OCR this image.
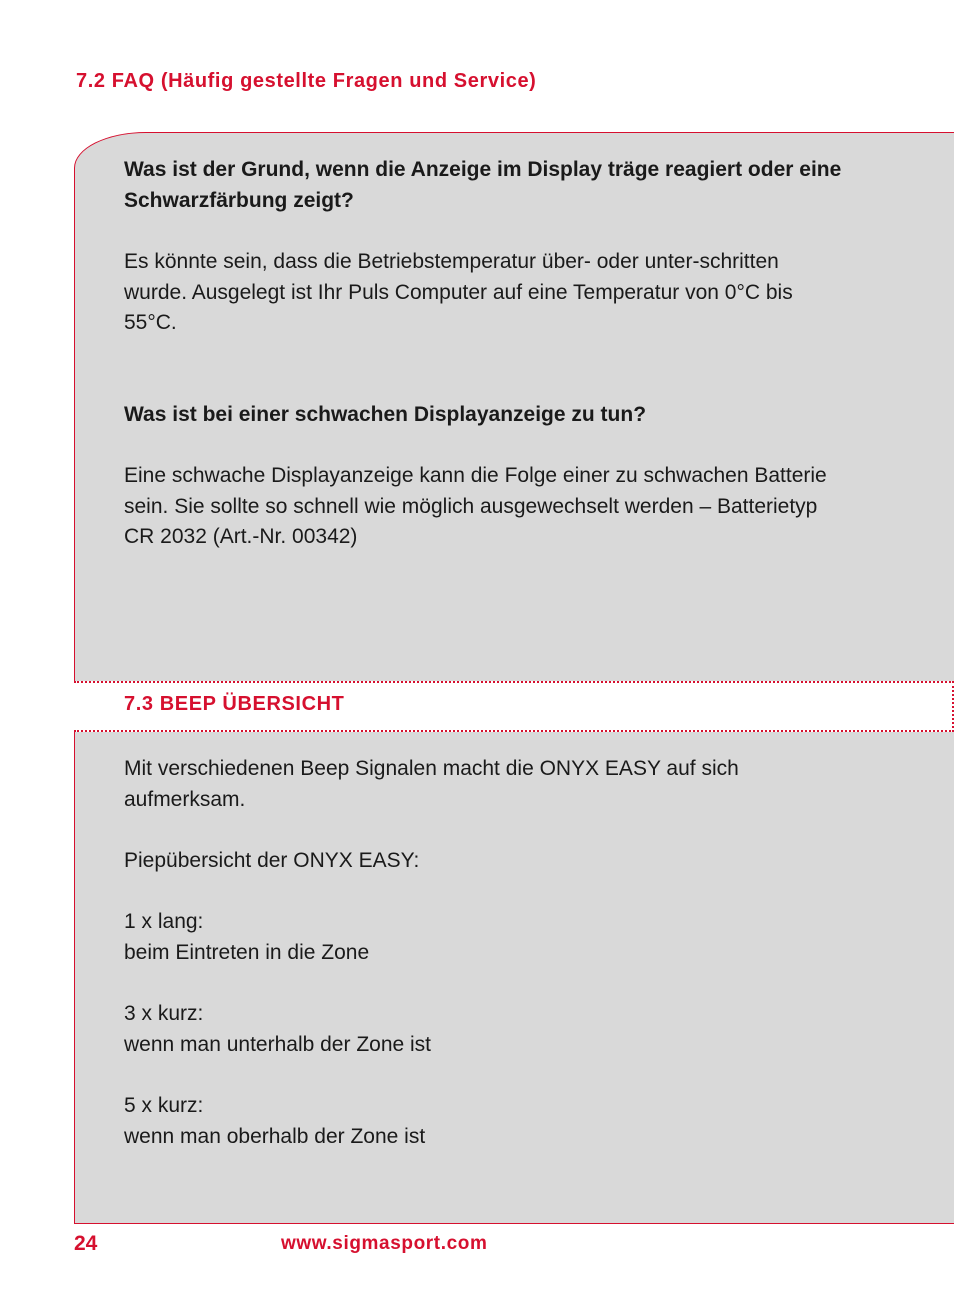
7.2 FAQ (Häufig gestellte Fragen und Service)

Was ist der Grund, wenn die Anzeige im Display träge reagiert oder eine Schwarzfärbung zeigt?

Es könnte sein, dass die Betriebstemperatur über- oder unter-schritten wurde. Ausgelegt ist Ihr Puls Computer auf eine Temperatur von 0°C bis 55°C.

Was ist bei einer schwachen Displayanzeige zu tun?

Eine schwache Displayanzeige kann die Folge einer zu schwachen Batterie sein. Sie sollte so schnell wie möglich ausgewechselt werden – Batterietyp CR 2032 (Art.-Nr. 00342)

7.3 BEEP ÜBERSICHT

Mit verschiedenen Beep Signalen macht die ONYX EASY auf sich aufmerksam.

Piepübersicht der ONYX EASY:

1 x lang:
beim Eintreten in die Zone
3 x kurz:
wenn man unterhalb der Zone ist
5 x kurz:
wenn man oberhalb der Zone ist
24	www.sigmasport.com
